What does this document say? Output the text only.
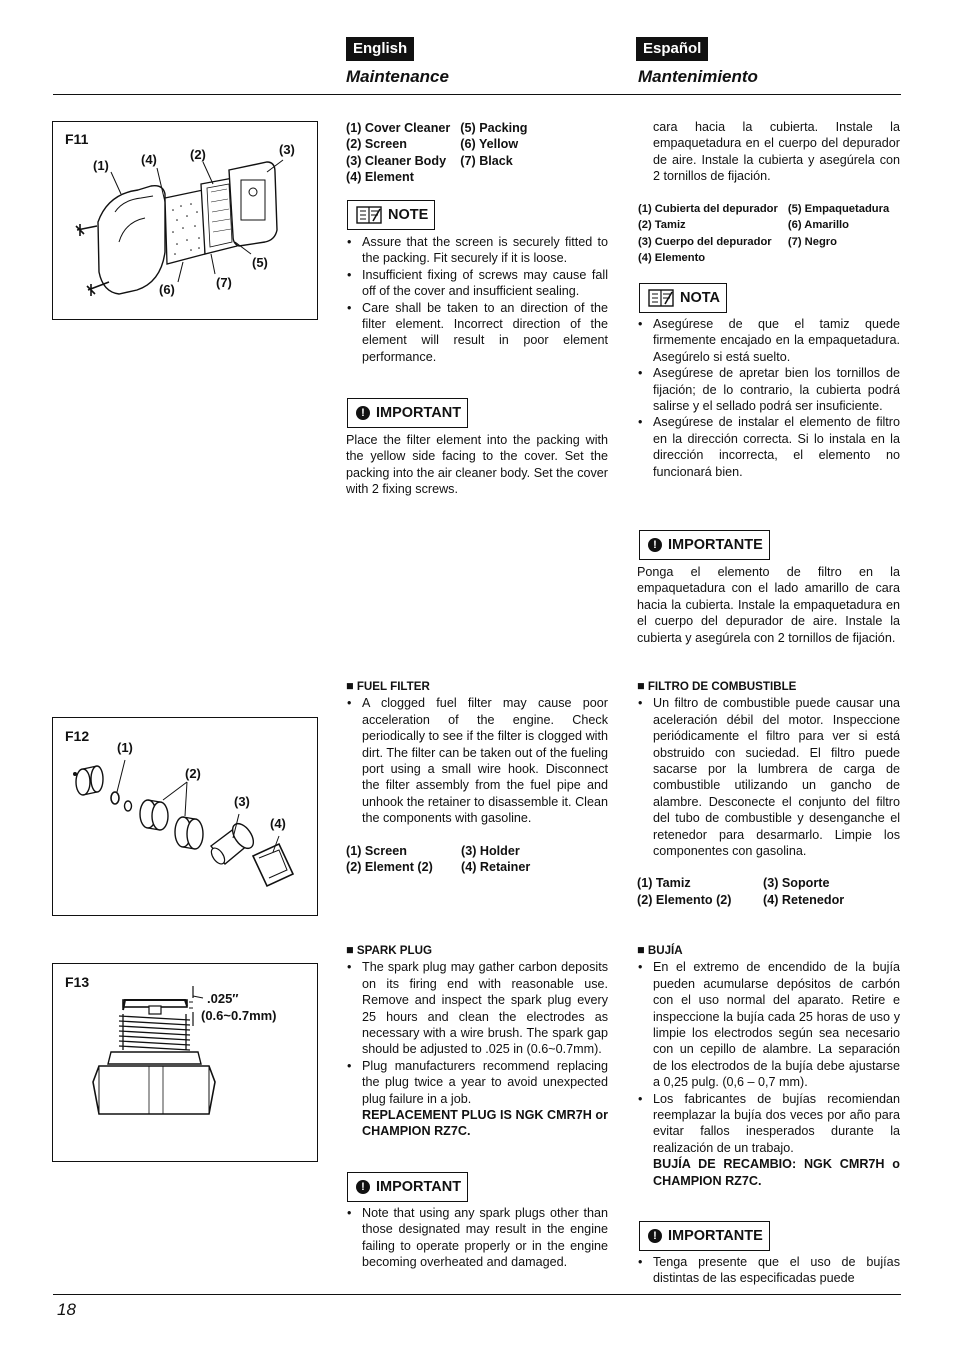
English	Español
Maintenance	Mantenimiento
F11
(1) (4)	(2)	(3)
(5)
(6)	(7)
(1) Cover Cleaner	(5) Packing
(2) Screen	(6) Yellow
(3) Cleaner Body	(7) Black
(4) Element	
NOTE
• Assure that the screen is securely fitted to the packing. Fit securely if it is loose.
• Insufficient fixing of screws may cause fall off of the cover and insufficient sealing.
• Care shall be taken to an direction of the filter element. Incorrect direction of the element will result in poor element performance.
! IMPORTANT
Place the filter element into the packing with the yellow side facing to the cover. Set the packing into the air cleaner body. Set the cover with 2 fixing screws.
cara hacia la cubierta. Instale la empaquetadura en el cuerpo del depurador de aire. Instale la cubierta y asegúrela con 2 tornillos de fijación.
(1) Cubierta del depurador	(5) Empaquetadura
(2) Tamiz	(6) Amarillo
(3) Cuerpo del depurador	(7) Negro
(4) Elemento	
NOTA
• Asegúrese de que el tamiz quede firmemente encajado en la empaquetadura. Asegúrelo si está suelto.
• Asegúrese de apretar bien los tornillos de fijación; de lo contrario, la cubierta podrá salirse y el sellado podrá ser insuficiente.
• Asegúrese de instalar el elemento de filtro en la dirección correcta. Si lo instala en la dirección incorrecta, el elemento no funcionará bien.
! IMPORTANTE
Ponga el elemento de filtro en la empaquetadura con el lado amarillo de cara hacia la cubierta. Instale la empaquetadura en el cuerpo del depurador de aire. Instale la cubierta y asegúrela con 2 tornillos de fijación.
F12
(1)
(2)
(3)
(4)
■ FUEL FILTER
• A clogged fuel filter may cause poor acceleration of the engine. Check periodically to see if the filter is clogged with dirt. The filter can be taken out of the fueling port using a small wire hook. Disconnect the filter assembly from the fuel pipe and unhook the retainer to disassemble it. Clean the components with gasoline.
(1) Screen	(3) Holder
(2) Element (2)	(4) Retainer
■ FILTRO DE COMBUSTIBLE
• Un filtro de combustible puede causar una aceleración débil del motor. Inspeccione periódicamente el filtro para ver si está obstruido con suciedad. El filtro puede sacarse por la lumbrera de carga de combustible utilizando un gancho de alambre. Desconecte el conjunto del filtro del tubo de combustible y desenganche el retenedor para desarmarlo. Limpie los componentes con gasolina.
(1) Tamiz	(3) Soporte
(2) Elemento (2)	(4) Retenedor
F13
.025″
(0.6~0.7mm)
■ SPARK PLUG
• The spark plug may gather carbon deposits on its firing end with reasonable use. Remove and inspect the spark plug every 25 hours and clean the electrodes as necessary with a wire brush. The spark gap should be adjusted to .025 in (0.6~0.7mm).
• Plug manufacturers recommend replacing the plug twice a year to avoid unexpected plug failure in a job.
REPLACEMENT PLUG IS NGK CMR7H or CHAMPION RZ7C.
! IMPORTANT
• Note that using any spark plugs other than those designated may result in the engine failing to operate properly or in the engine becoming overheated and damaged.
■ BUJÍA
• En el extremo de encendido de la bujía pueden acumularse depósitos de carbón con el uso normal del aparato. Retire e inspeccione la bujía cada 25 horas de uso y limpie los electrodos según sea necesario con un cepillo de alambre. La separación de los electrodos de la bujía debe ajustarse a 0,25 pulg. (0,6 – 0,7 mm).
• Los fabricantes de bujías recomiendan reemplazar la bujía dos veces por año para evitar fallos inesperados durante la realización de un trabajo.
BUJÍA DE RECAMBIO: NGK CMR7H o CHAMPION RZ7C.
! IMPORTANTE
• Tenga presente que el uso de bujías distintas de las especificadas puede
18
